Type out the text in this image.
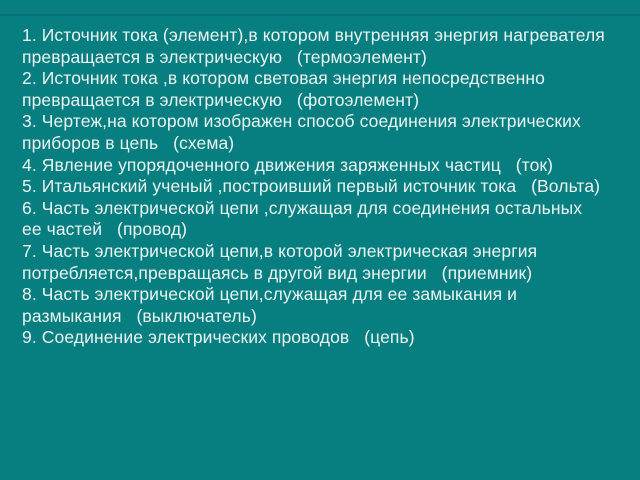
1. Источник тока (элемент),в котором внутренняя энергия нагревателя
превращается в электрическую   (термоэлемент)
2. Источник тока ,в котором световая энергия непосредственно
превращается в электрическую   (фотоэлемент)
3. Чертеж,на котором изображен способ соединения электрических
приборов в цепь   (схема)
4. Явление упорядоченного движения заряженных частиц   (ток)
5. Итальянский ученый ,построивший первый источник тока   (Вольта)
6. Часть электрической цепи ,служащая для соединения остальных
ее частей   (провод)
7. Часть электрической цепи,в которой электрическая энергия
потребляется,превращаясь в другой вид энергии   (приемник)
8. Часть электрической цепи,служащая для ее замыкания и
размыкания   (выключатель)
9. Соединение электрических проводов   (цепь)
